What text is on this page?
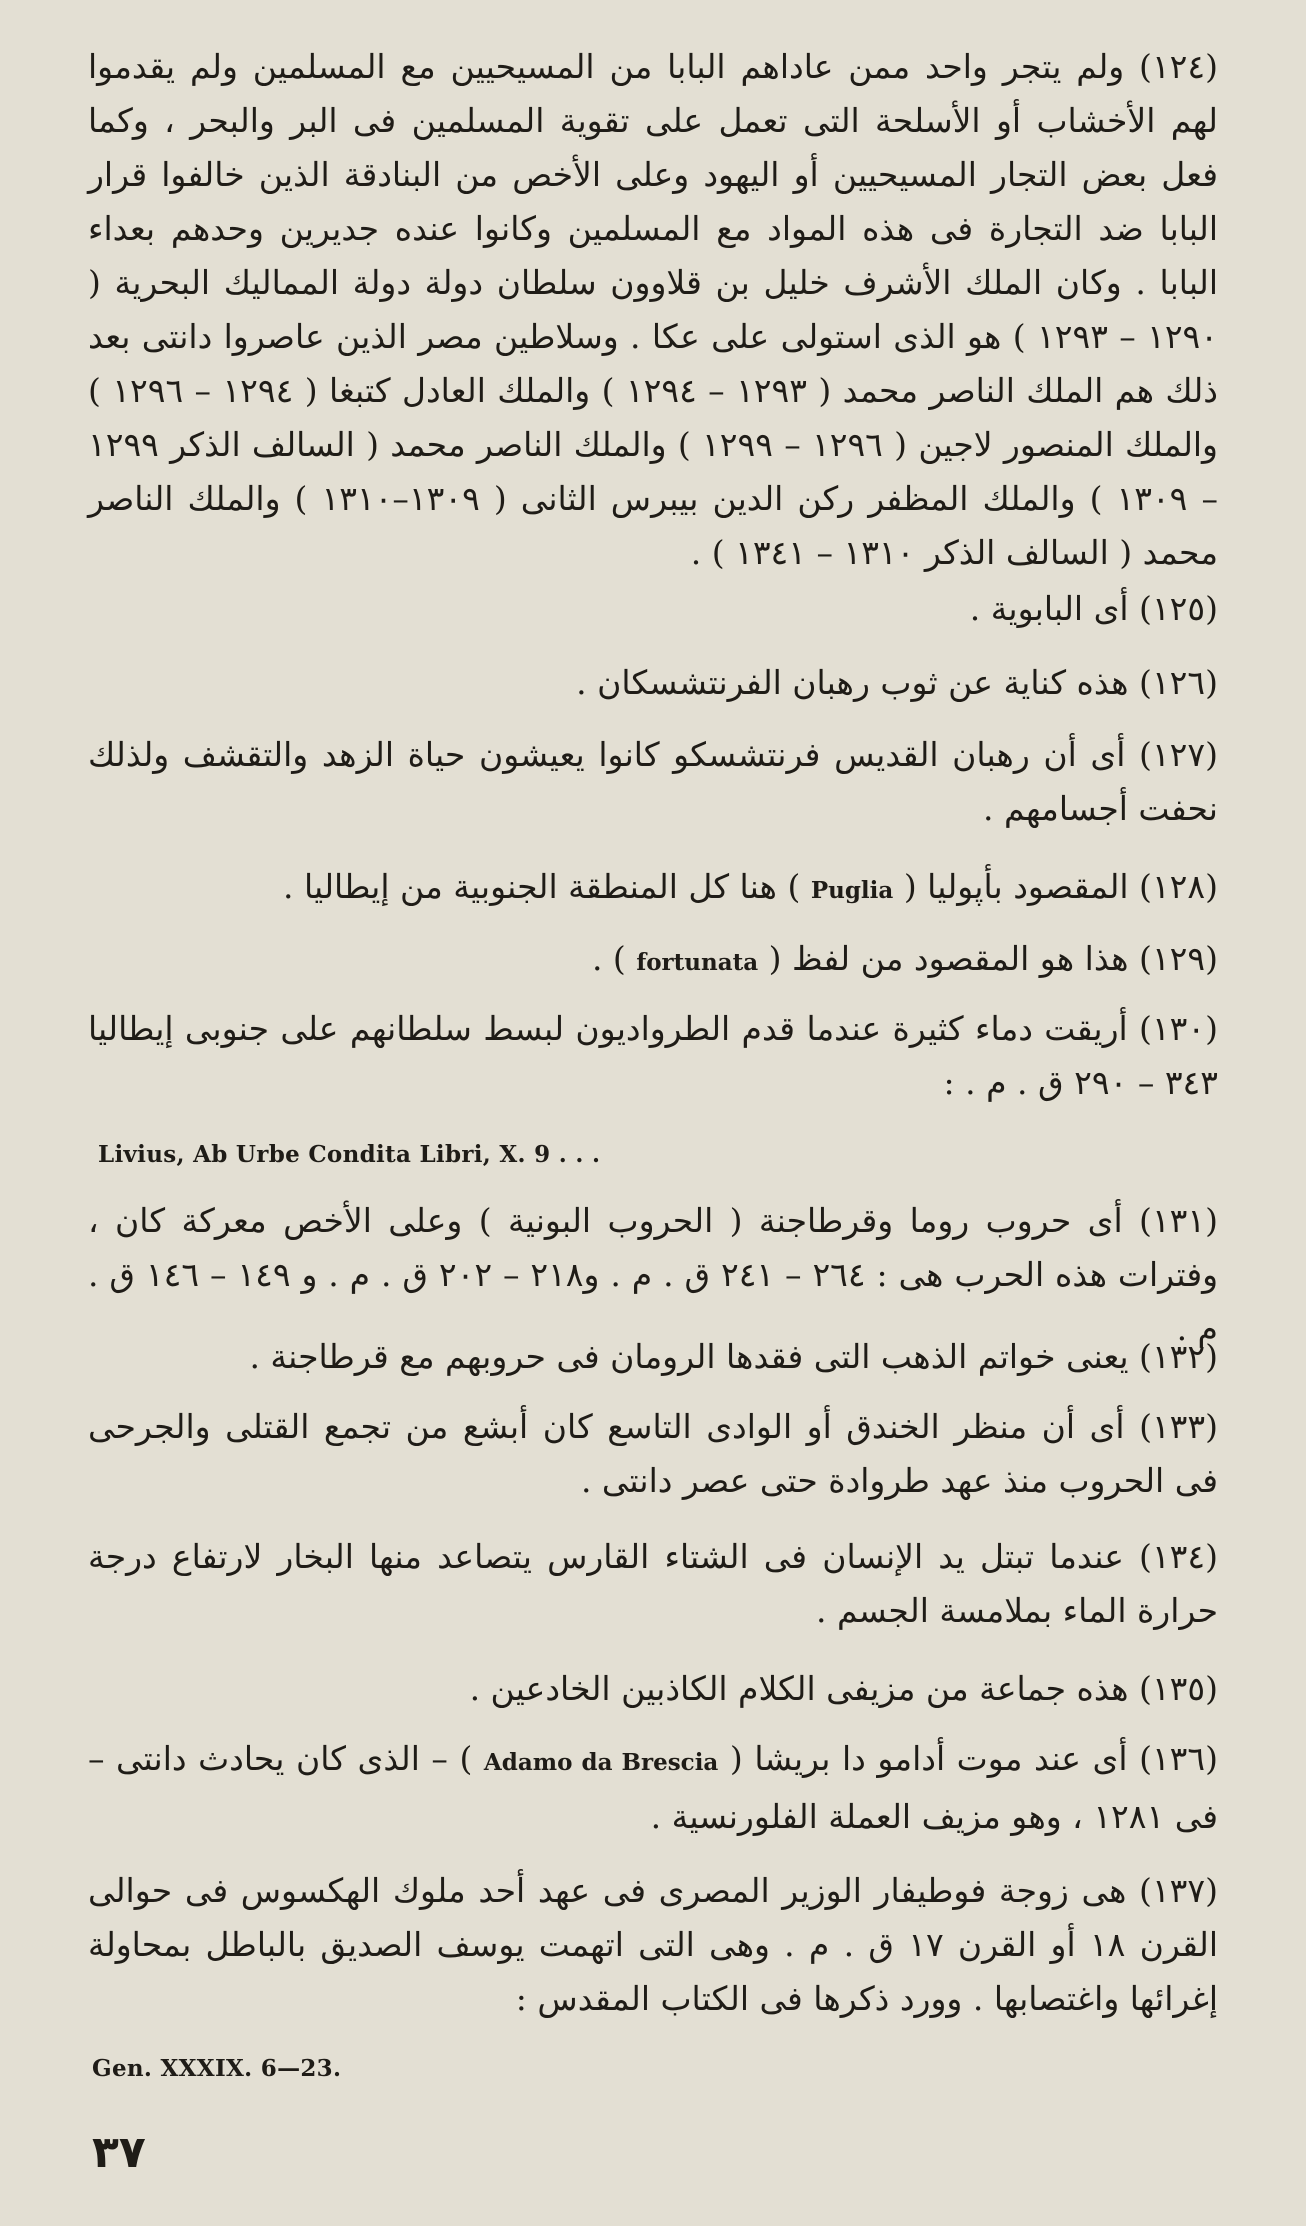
(١٢٤) ولم يتجر واحد ممن عاداهم البابا من المسيحيين مع المسلمين ولم يقدموا لهم الأخشاب أو الأسلحة التى تعمل على تقوية المسلمين فى البر والبحر ، وكما فعل بعض التجار المسيحيين أو اليهود وعلى الأخص من البنادقة الذين خالفوا قرار البابا ضد التجارة فى هذه المواد مع المسلمين وكانوا عنده جديرين وحدهم بعداء البابا . وكان الملك الأشرف خليل بن قلاوون سلطان دولة دولة المماليك البحرية ( ١٢٩٠ – ١٢٩٣ ) هو الذى استولى على عكا . وسلاطين مصر الذين عاصروا دانتى بعد ذلك هم الملك الناصر محمد ( ١٢٩٣ – ١٢٩٤ ) والملك العادل كتبغا ( ١٢٩٤ – ١٢٩٦ ) والملك المنصور لاجين ( ١٢٩٦ – ١٢٩٩ ) والملك الناصر محمد ( السالف الذكر ١٢٩٩ – ١٣٠٩ ) والملك المظفر ركن الدين بيبرس الثانى ( ١٣٠٩–١٣١٠ ) والملك الناصر محمد ( السالف الذكر ١٣١٠ – ١٣٤١ ) .
(١٢٥) أى البابوية .
(١٢٦) هذه كناية عن ثوب رهبان الفرنتشسكان .
(١٢٧) أى أن رهبان القديس فرنتشسكو كانوا يعيشون حياة الزهد والتقشف ولذلك نحفت أجسامهم .
(١٢٨) المقصود بأپوليا ( Puglia ) هنا كل المنطقة الجنوبية من إيطاليا .
(١٢٩) هذا هو المقصود من لفظ ( fortunata ) .
(١٣٠) أريقت دماء كثيرة عندما قدم الطرواديون لبسط سلطانهم على جنوبى إيطاليا ٣٤٣ – ٢٩٠ ق . م . :
Livius, Ab Urbe Condita Libri, X. 9 . . .
(١٣١) أى حروب روما وقرطاجنة ( الحروب البونية ) وعلى الأخص معركة كان ، وفترات هذه الحرب هى : ٢٦٤ – ٢٤١ ق . م . و٢١٨ – ٢٠٢ ق . م . و ١٤٩ – ١٤٦ ق . م .
(١٣٢) يعنى خواتم الذهب التى فقدها الرومان فى حروبهم مع قرطاجنة .
(١٣٣) أى أن منظر الخندق أو الوادى التاسع كان أبشع من تجمع القتلى والجرحى فى الحروب منذ عهد طروادة حتى عصر دانتى .
(١٣٤) عندما تبتل يد الإنسان فى الشتاء القارس يتصاعد منها البخار لارتفاع درجة حرارة الماء بملامسة الجسم .
(١٣٥) هذه جماعة من مزيفى الكلام الكاذبين الخادعين .
(١٣٦) أى عند موت أدامو دا بريشا ( Adamo da Brescia ) – الذى كان يحادث دانتى – فى ١٢٨١ ، وهو مزيف العملة الفلورنسية .
(١٣٧) هى زوجة فوطيفار الوزير المصرى فى عهد أحد ملوك الهكسوس فى حوالى القرن ١٨ أو القرن ١٧ ق . م . وهى التى اتهمت يوسف الصديق بالباطل بمحاولة إغرائها واغتصابها . وورد ذكرها فى الكتاب المقدس :
Gen. XXXIX. 6—23.
٣٧
